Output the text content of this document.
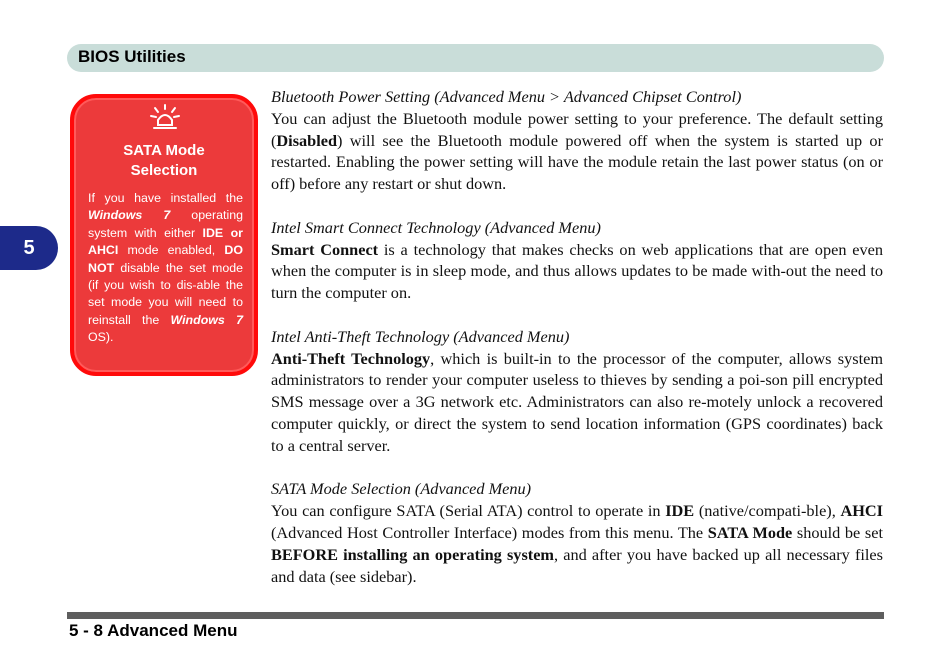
BIOS Utilities
5
SATA Mode
Selection
If you have installed the Windows 7 operating system with either IDE or AHCI mode enabled, DO NOT disable the set mode (if you wish to dis-able the set mode you will need to reinstall the Windows 7 OS).
Bluetooth Power Setting (Advanced Menu > Advanced Chipset Control)
You can adjust the Bluetooth module power setting to your preference. The default setting (Disabled) will see the Bluetooth module powered off when the system is started up or restarted. Enabling the power setting will have the module retain the last power status (on or off) before any restart or shut down.
Intel Smart Connect Technology (Advanced Menu)
Smart Connect is a technology that makes checks on web applications that are open even when the computer is in sleep mode, and thus allows updates to be made with-out the need to turn the computer on.
Intel Anti-Theft Technology (Advanced Menu)
Anti-Theft Technology, which is built-in to the processor of the computer, allows system administrators to render your computer useless to thieves by sending a poi-son pill encrypted SMS message over a 3G network etc. Administrators can also re-motely unlock a recovered computer quickly, or direct the system to send location information (GPS coordinates) back to a central server.
SATA Mode Selection (Advanced Menu)
You can configure SATA (Serial ATA) control to operate in IDE (native/compati-ble), AHCI (Advanced Host Controller Interface) modes from this menu. The SATA Mode should be set BEFORE installing an operating system, and after you have backed up all necessary files and data (see sidebar).
5 - 8 Advanced Menu
